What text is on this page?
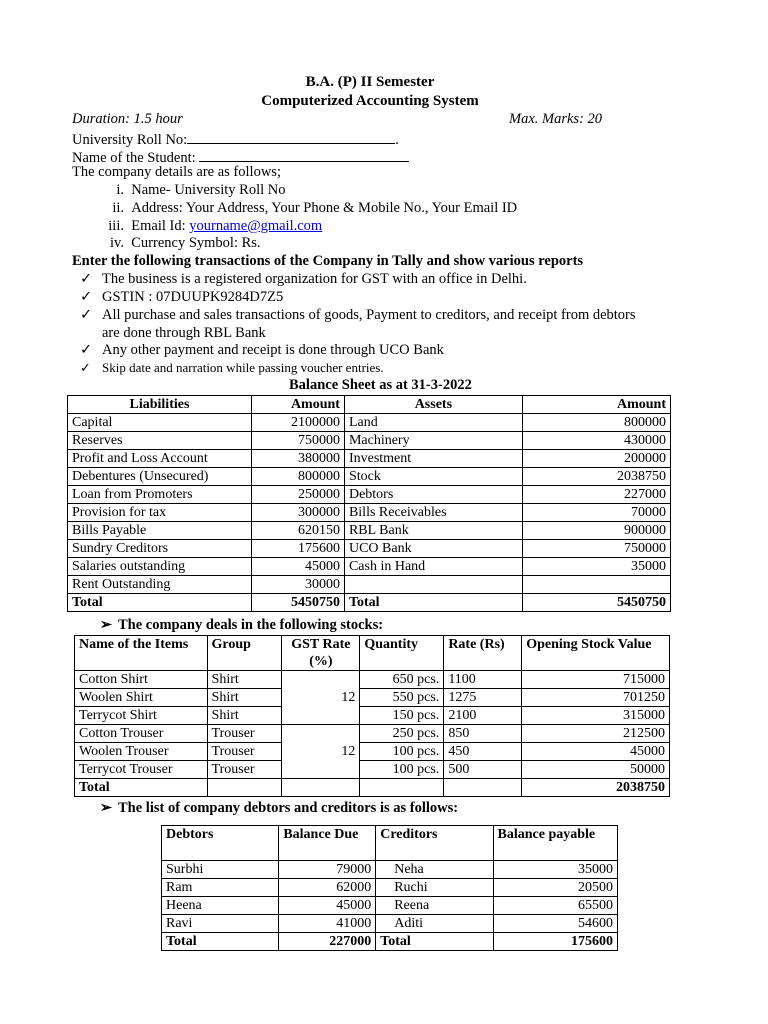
B.A. (P) II Semester
Computerized Accounting System
Duration: 1.5 hour	Max. Marks: 20
University Roll No:	.
Name of the Student:
The company details are as follows;
i. Name- University Roll No
ii. Address: Your Address, Your Phone & Mobile No., Your Email ID
iii. Email Id: yourname@gmail.com
iv. Currency Symbol: Rs.
Enter the following transactions of the Company in Tally and show various reports
✓ The business is a registered organization for GST with an office in Delhi.
✓ GSTIN : 07DUUPK9284D7Z5
✓ All purchase and sales transactions of goods, Payment to creditors, and receipt from debtors
are done through RBL Bank
✓ Any other payment and receipt is done through UCO Bank
✓ Skip date and narration while passing voucher entries.
Balance Sheet as at 31-3-2022
Liabilities	Amount	Assets	Amount
Capital	2100000	Land	800000
Reserves	750000	Machinery	430000
Profit and Loss Account	380000	Investment	200000
Debentures (Unsecured)	800000	Stock	2038750
Loan from Promoters	250000	Debtors	227000
Provision for tax	300000	Bills Receivables	70000
Bills Payable	620150	RBL Bank	900000
Sundry Creditors	175600	UCO Bank	750000
Salaries outstanding	45000	Cash in Hand	35000
Rent Outstanding	30000		
Total	5450750	Total	5450750
➢ The company deals in the following stocks:
Name of the Items	Group	GST Rate (%)	Quantity	Rate (Rs)	Opening Stock Value
Cotton Shirt	Shirt	12	650 pcs.	1100	715000
Woolen Shirt	Shirt		550 pcs.	1275	701250
Terrycot Shirt	Shirt		150 pcs.	2100	315000
Cotton Trouser	Trouser	12	250 pcs.	850	212500
Woolen Trouser	Trouser		100 pcs.	450	45000
Terrycot Trouser	Trouser		100 pcs.	500	50000
Total					2038750
➢ The list of company debtors and creditors is as follows:
Debtors	Balance Due	Creditors	Balance payable
Surbhi	79000	Neha	35000
Ram	62000	Ruchi	20500
Heena	45000	Reena	65500
Ravi	41000	Aditi	54600
Total	227000	Total	175600
